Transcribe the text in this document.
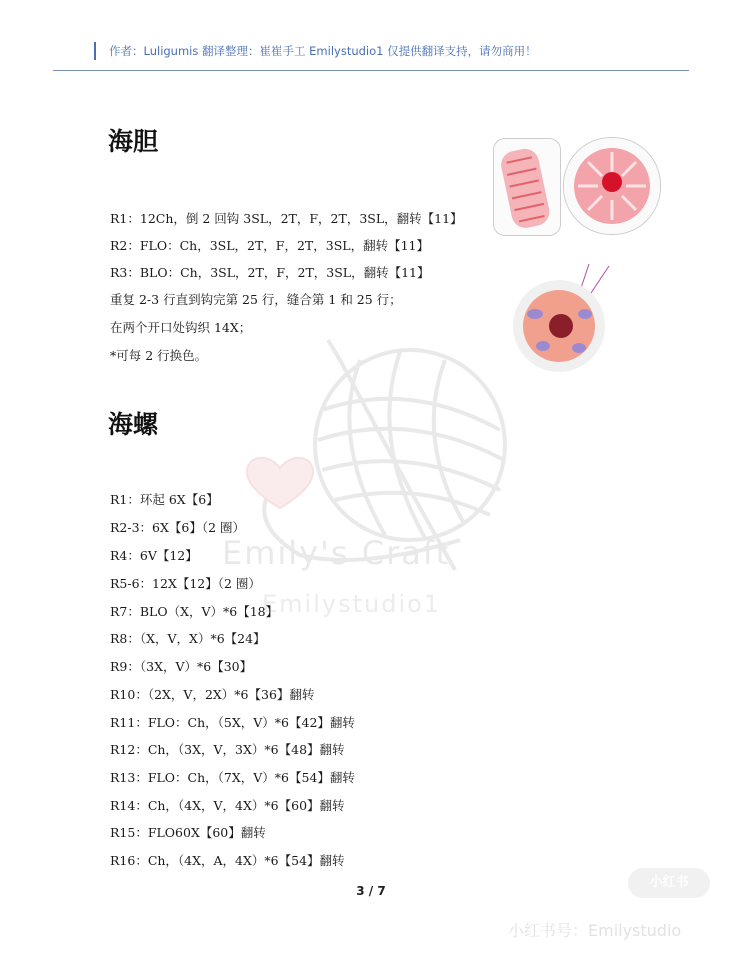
作者：Luligumis 翻译整理：崔崔手工 Emilystudio1 仅提供翻译支持，请勿商用！
Emily's Craft
Emilystudio1
海胆
R1：12Ch，倒 2 回钩 3SL，2T，F，2T，3SL，翻转【11】
R2：FLO：Ch，3SL，2T，F，2T，3SL，翻转【11】
R3：BLO：Ch，3SL，2T，F，2T，3SL，翻转【11】
重复 2-3 行直到钩完第 25 行，缝合第 1 和 25 行；
在两个开口处钩织 14X；
*可每 2 行换色。
海螺
R1：环起 6X【6】
R2-3：6X【6】（2 圈）
R4：6V【12】
R5-6：12X【12】（2 圈）
R7：BLO（X，V）*6【18】
R8：（X，V，X）*6【24】
R9：（3X，V）*6【30】
R10：（2X，V，2X）*6【36】翻转
R11：FLO：Ch，（5X，V）*6【42】翻转
R12：Ch，（3X，V，3X）*6【48】翻转
R13：FLO：Ch，（7X，V）*6【54】翻转
R14：Ch，（4X，V，4X）*6【60】翻转
R15：FLO60X【60】翻转
R16：Ch，（4X，A，4X）*6【54】翻转
3 / 7
小红书
小红书号：Emilystudio
